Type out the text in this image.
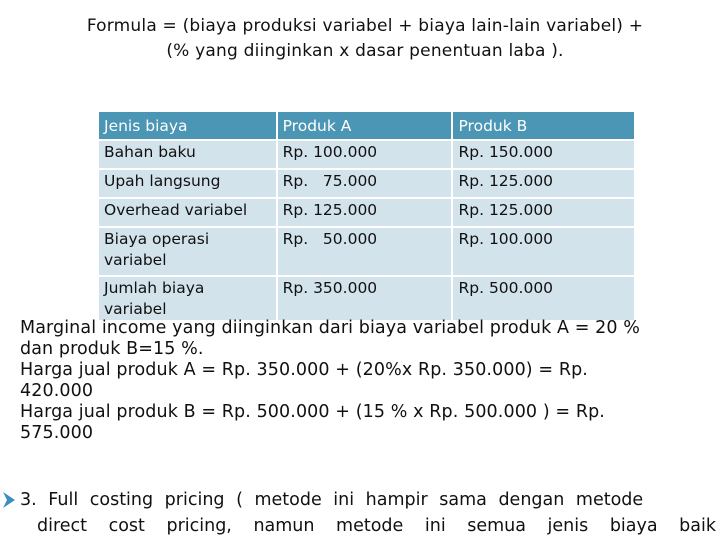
Formula = (biaya produksi variabel + biaya lain-lain variabel) +
(% yang diinginkan x dasar penentuan laba ).
Jenis biaya	Produk A	Produk B
Bahan baku	Rp. 100.000	Rp. 150.000
Upah langsung	Rp.   75.000	Rp. 125.000
Overhead variabel	Rp. 125.000	Rp. 125.000
Biaya operasi variabel	Rp.   50.000	Rp. 100.000
Jumlah biaya variabel	Rp. 350.000	Rp. 500.000
Marginal income yang diinginkan dari biaya variabel produk A = 20 %
dan produk B=15 %.
Harga jual produk A = Rp. 350.000 + (20%x Rp. 350.000) = Rp.
420.000
Harga jual produk B = Rp. 500.000 + (15 % x Rp. 500.000 ) = Rp.
575.000
3. Full costing pricing ( metode ini hampir sama dengan metode
direct cost pricing, namun metode ini semua jenis biaya baik
